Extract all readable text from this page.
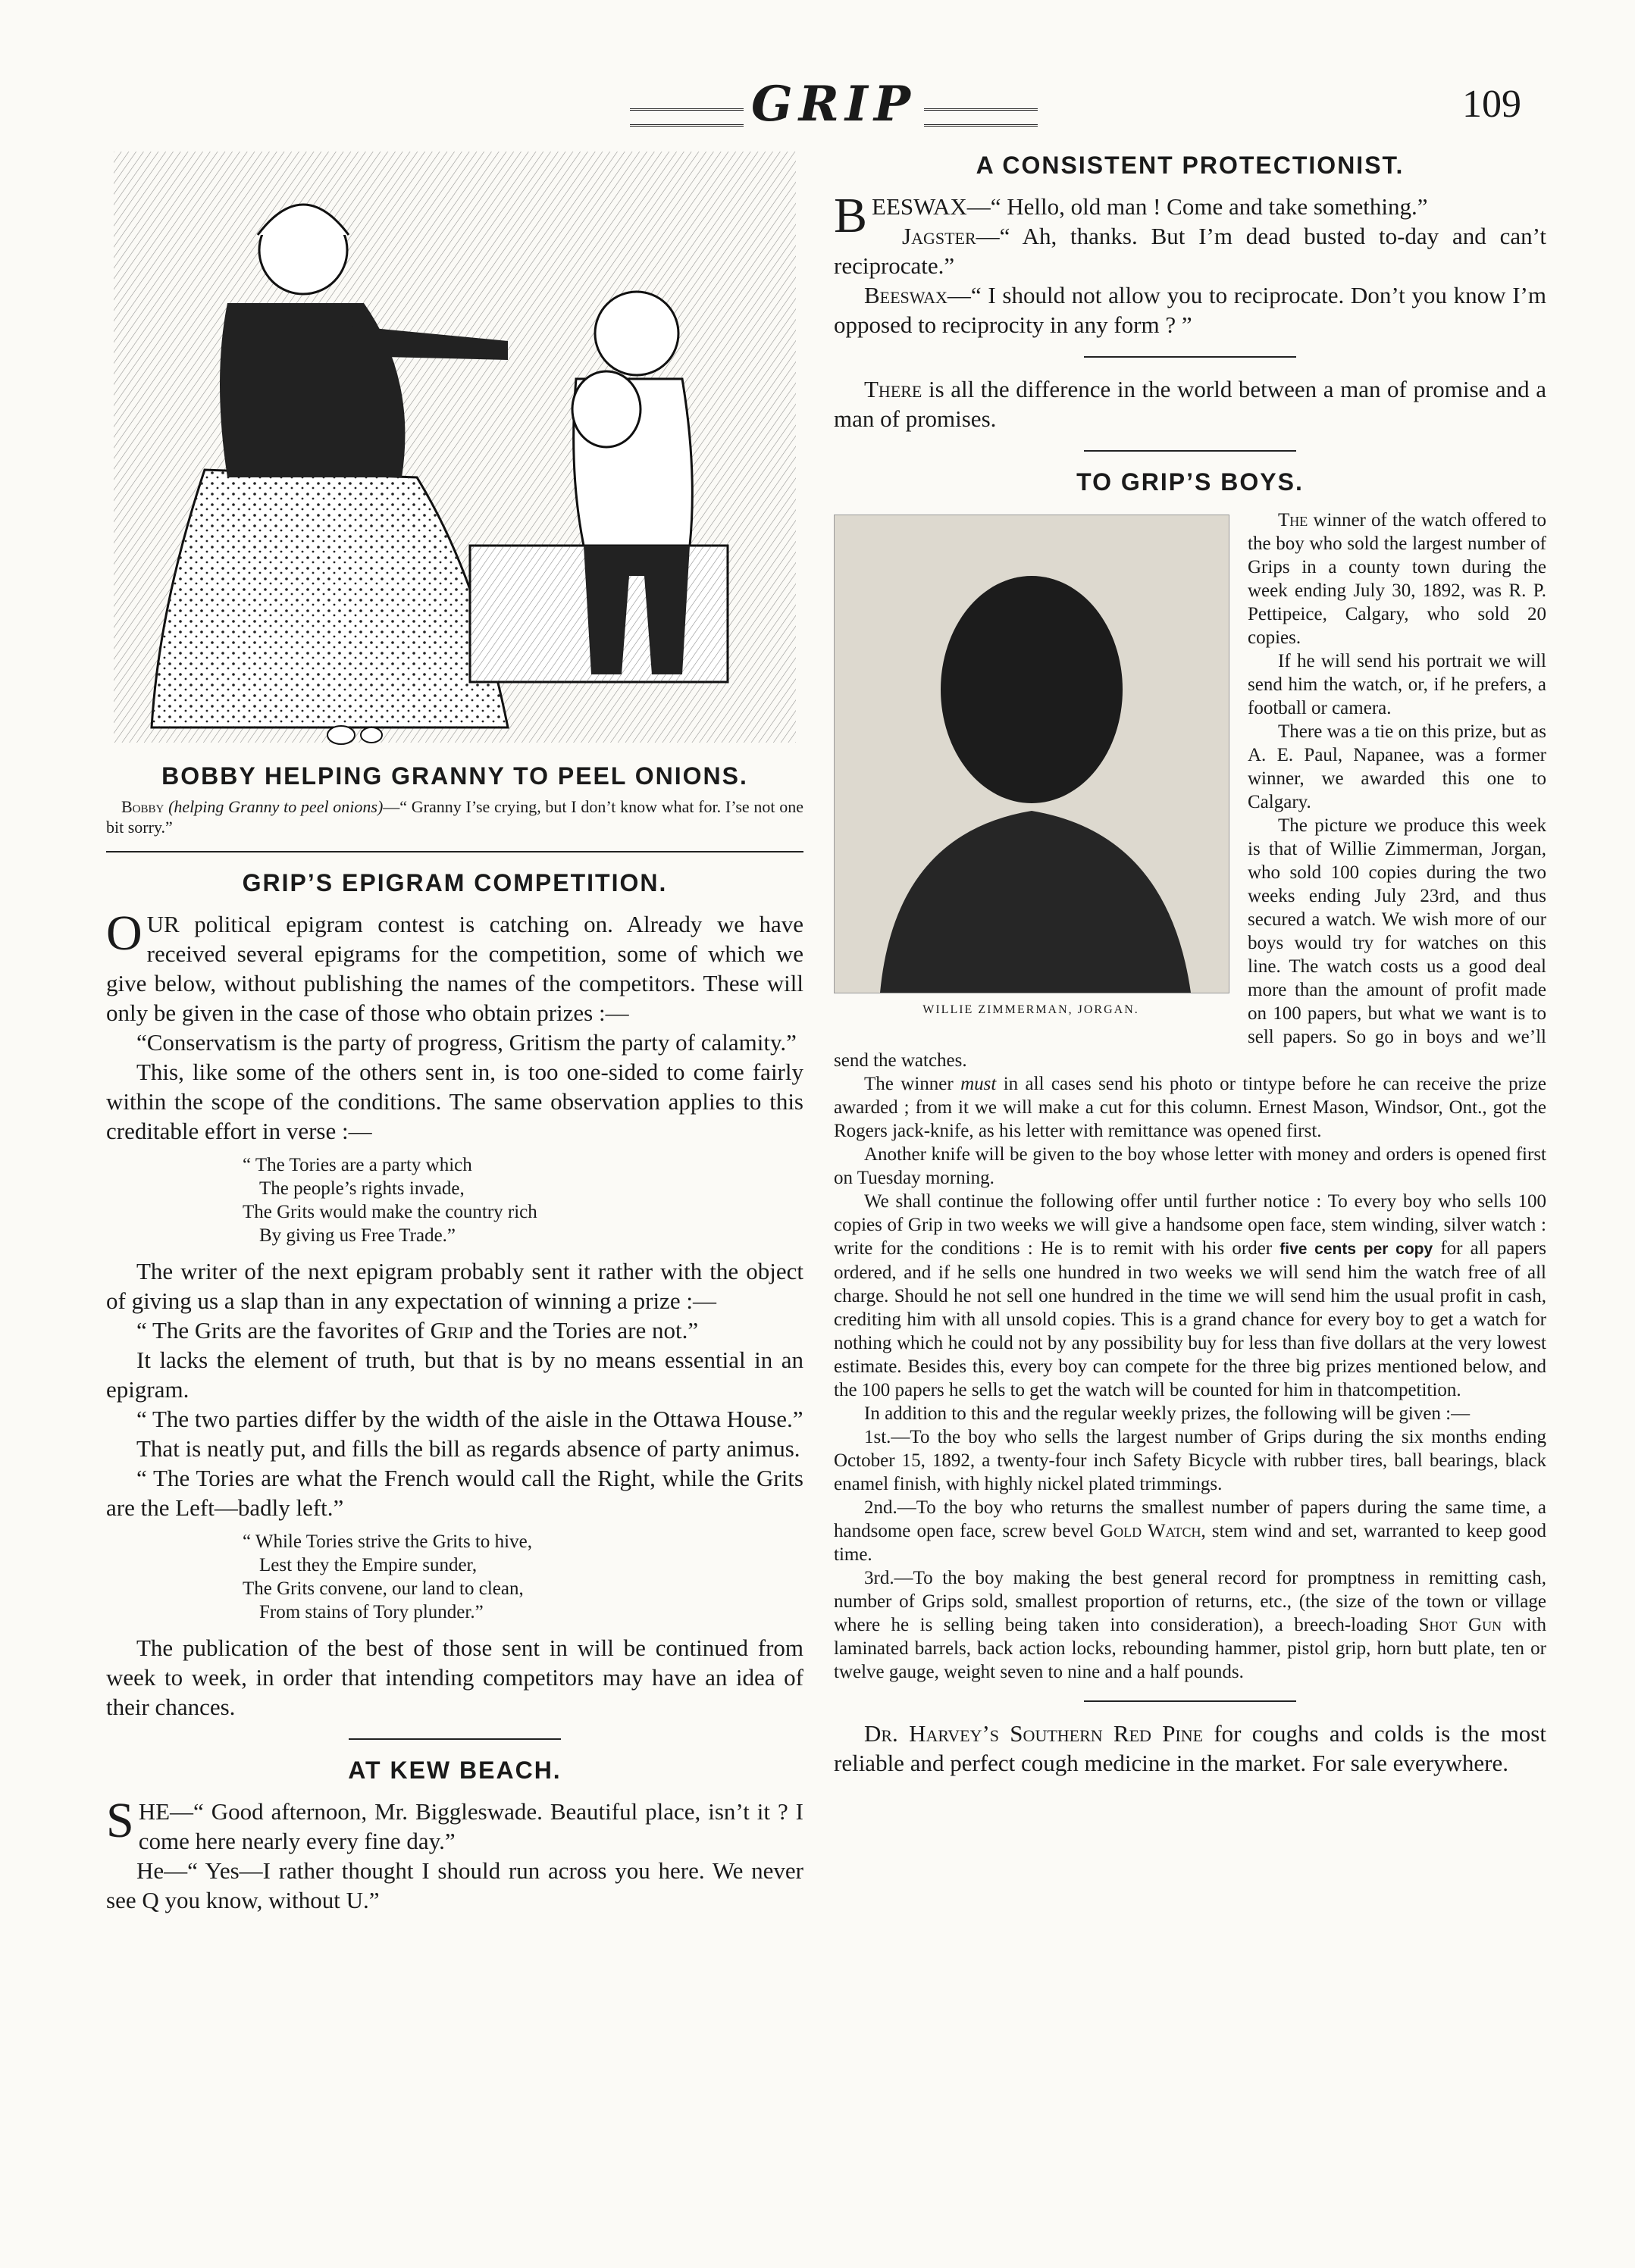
GRIP	109
BOBBY HELPING GRANNY TO PEEL ONIONS.

Bobby (helping Granny to peel onions)—“ Granny I’se crying, but I don’t know what for. I’se not one bit sorry.”

GRIP’S EPIGRAM COMPETITION.

OUR political epigram contest is catching on. Already we have received several epigrams for the competition, some of which we give below, without publishing the names of the competitors. These will only be given in the case of those who obtain prizes :—

“Conservatism is the party of progress, Gritism the party of calamity.”

This, like some of the others sent in, is too one-sided to come fairly within the scope of the conditions. The same observation applies to this creditable effort in verse :—

“ The Tories are a party which
The people’s rights invade,
The Grits would make the country rich
By giving us Free Trade.”

The writer of the next epigram probably sent it rather with the object of giving us a slap than in any expectation of winning a prize :—

“ The Grits are the favorites of Grip and the Tories are not.”

It lacks the element of truth, but that is by no means essential in an epigram.

“ The two parties differ by the width of the aisle in the Ottawa House.”

That is neatly put, and fills the bill as regards absence of party animus.

“ The Tories are what the French would call the Right, while the Grits are the Left—badly left.”

“ While Tories strive the Grits to hive,
Lest they the Empire sunder,
The Grits convene, our land to clean,
From stains of Tory plunder.”

The publication of the best of those sent in will be continued from week to week, in order that intending competitors may have an idea of their chances.

AT KEW BEACH.

SHE—“ Good afternoon, Mr. Biggleswade. Beautiful place, isn’t it ? I come here nearly every fine day.”

He—“ Yes—I rather thought I should run across you here. We never see Q you know, without U.”

A CONSISTENT PROTECTIONIST.

BEESWAX—“ Hello, old man ! Come and take something.”

Jagster—“ Ah, thanks. But I’m dead busted to-day and can’t reciprocate.”

Beeswax—“ I should not allow you to reciprocate. Don’t you know I’m opposed to reciprocity in any form ? ”

There is all the difference in the world between a man of promise and a man of promises.

TO GRIP’S BOYS.
WILLIE ZIMMERMAN, JORGAN.

The winner of the watch offered to the boy who sold the largest number of Grips in a county town during the week ending July 30, 1892, was R. P. Pettipeice, Calgary, who sold 20 copies.

If he will send his portrait we will send him the watch, or, if he prefers, a football or camera.

There was a tie on this prize, but as A. E. Paul, Napanee, was a former winner, we awarded this one to Calgary.

The picture we produce this week is that of Willie Zimmerman, Jorgan, who sold 100 copies during the two weeks ending July 23rd, and thus secured a watch. We wish more of our boys would try for watches on this line. The watch costs us a good deal more than the amount of profit made on 100 papers, but what we want is to sell papers. So go in boys and we’ll send the watches.

The winner must in all cases send his photo or tintype before he can receive the prize awarded ; from it we will make a cut for this column. Ernest Mason, Windsor, Ont., got the Rogers jack-knife, as his letter with remittance was opened first.

Another knife will be given to the boy whose letter with money and orders is opened first on Tuesday morning.

We shall continue the following offer until further notice : To every boy who sells 100 copies of Grip in two weeks we will give a handsome open face, stem winding, silver watch : write for the conditions : He is to remit with his order five cents per copy for all papers ordered, and if he sells one hundred in two weeks we will send him the watch free of all charge. Should he not sell one hundred in the time we will send him the usual profit in cash, crediting him with all unsold copies. This is a grand chance for every boy to get a watch for nothing which he could not by any possibility buy for less than five dollars at the very lowest estimate. Besides this, every boy can compete for the three big prizes mentioned below, and the 100 papers he sells to get the watch will be counted for him in thatcompetition.

In addition to this and the regular weekly prizes, the following will be given :—

1st.—To the boy who sells the largest number of Grips during the six months ending October 15, 1892, a twenty-four inch Safety Bicycle with rubber tires, ball bearings, black enamel finish, with highly nickel plated trimmings.

2nd.—To the boy who returns the smallest number of papers during the same time, a handsome open face, screw bevel Gold Watch, stem wind and set, warranted to keep good time.

3rd.—To the boy making the best general record for promptness in remitting cash, number of Grips sold, smallest proportion of returns, etc., (the size of the town or village where he is selling being taken into consideration), a breech-loading Shot Gun with laminated barrels, back action locks, rebounding hammer, pistol grip, horn butt plate, ten or twelve gauge, weight seven to nine and a half pounds.

Dr. Harvey’s Southern Red Pine for coughs and colds is the most reliable and perfect cough medicine in the market. For sale everywhere.
